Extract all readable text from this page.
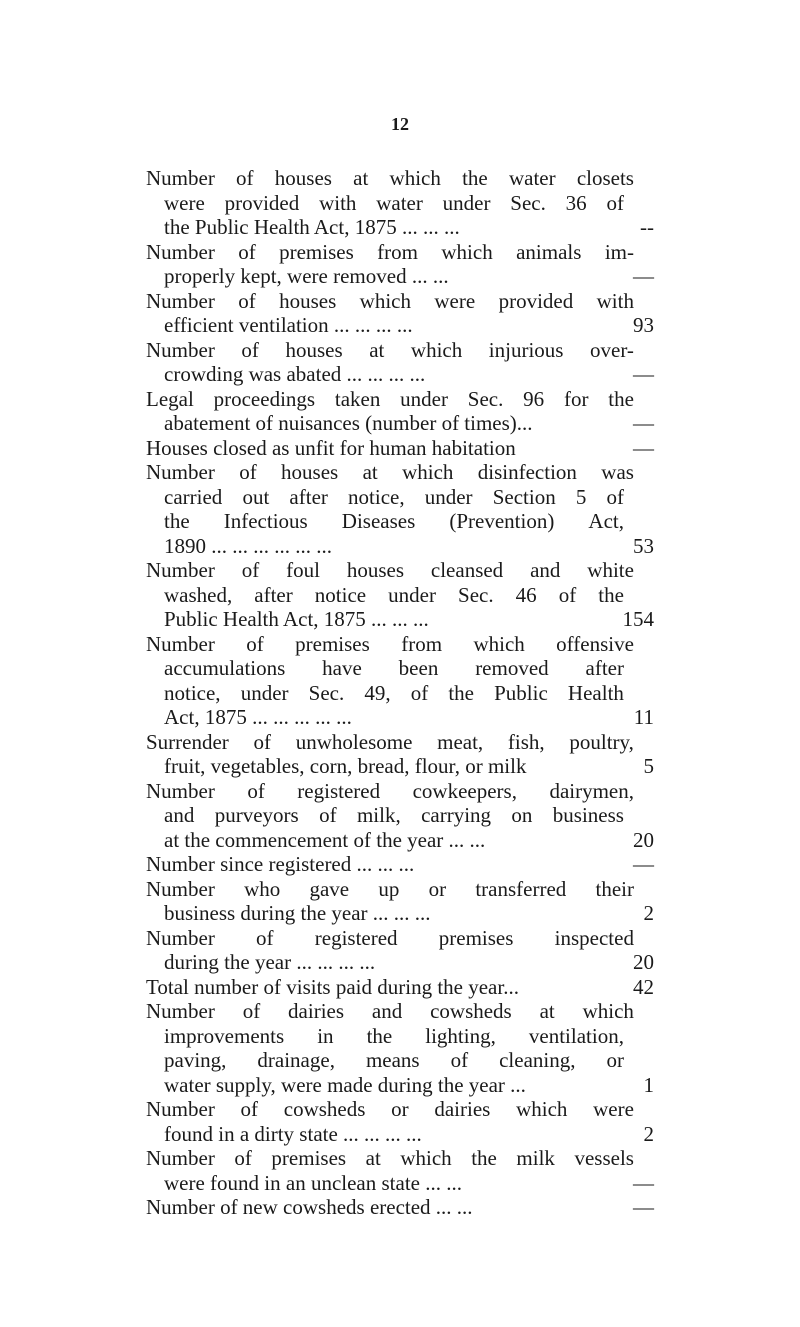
12
Number of houses at which the water closets
were provided with water under Sec. 36 of
the Public Health Act, 1875 ... ... ...	--
Number of premises from which animals im-
properly kept, were removed ... ...	—
Number of houses which were provided with
efficient ventilation ... ... ... ...	93
Number of houses at which injurious over-
crowding was abated ... ... ... ...	—
Legal proceedings taken under Sec. 96 for the
abatement of nuisances (number of times)...	—
Houses closed as unfit for human habitation	—
Number of houses at which disinfection was
carried out after notice, under Section 5 of
the Infectious Diseases (Prevention) Act,
1890 ... ... ... ... ... ...	53
Number of foul houses cleansed and white
washed, after notice under Sec. 46 of the
Public Health Act, 1875 ... ... ...	154
Number of premises from which offensive
accumulations have been removed after
notice, under Sec. 49, of the Public Health
Act, 1875 ... ... ... ... ...	11
Surrender of unwholesome meat, fish, poultry,
fruit, vegetables, corn, bread, flour, or milk	5
Number of registered cowkeepers, dairymen,
and purveyors of milk, carrying on business
at the commencement of the year ... ...	20
Number since registered ... ... ...	—
Number who gave up or transferred their
business during the year ... ... ...	2
Number of registered premises inspected
during the year ... ... ... ...	20
Total number of visits paid during the year...	42
Number of dairies and cowsheds at which
improvements in the lighting, ventilation,
paving, drainage, means of cleaning, or
water supply, were made during the year ...	1
Number of cowsheds or dairies which were
found in a dirty state ... ... ... ...	2
Number of premises at which the milk vessels
were found in an unclean state ... ...	—
Number of new cowsheds erected ... ...	—
